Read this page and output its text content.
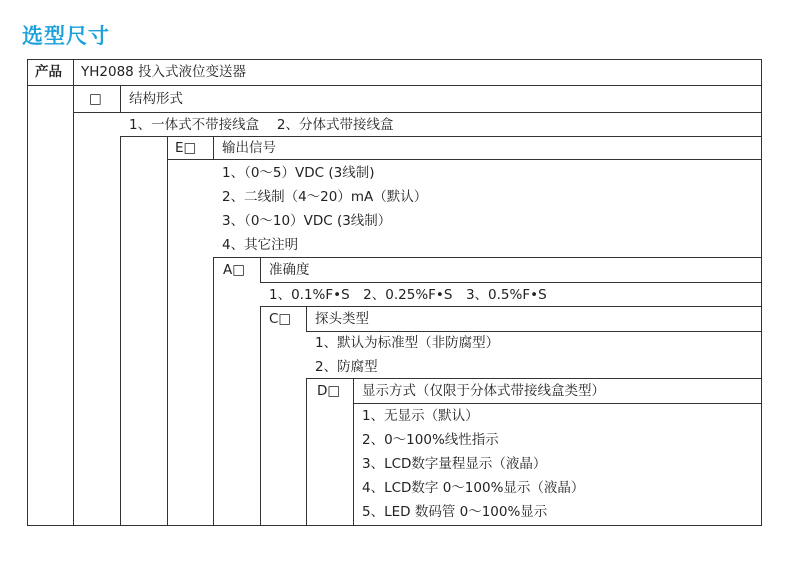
选型尺寸
产品 YH2088 投入式液位变送器
□ 结构形式
1、一体式不带接线盒　 2、分体式带接线盒
E□ 输出信号
1、（0～5）VDC (3线制)
2、二线制（4～20）mA（默认）
3、（0～10）VDC (3线制）
4、其它注明
A□ 准确度
1、0.1%F•S　2、0.25%F•S　3、0.5%F•S
C□ 探头类型
1、默认为标准型（非防腐型）
2、防腐型
D□ 显示方式（仅限于分体式带接线盒类型）
1、无显示（默认）
2、0～100%线性指示
3、LCD数字量程显示（液晶）
4、LCD数字 0～100%显示（液晶）
5、LED 数码管 0～100%显示
